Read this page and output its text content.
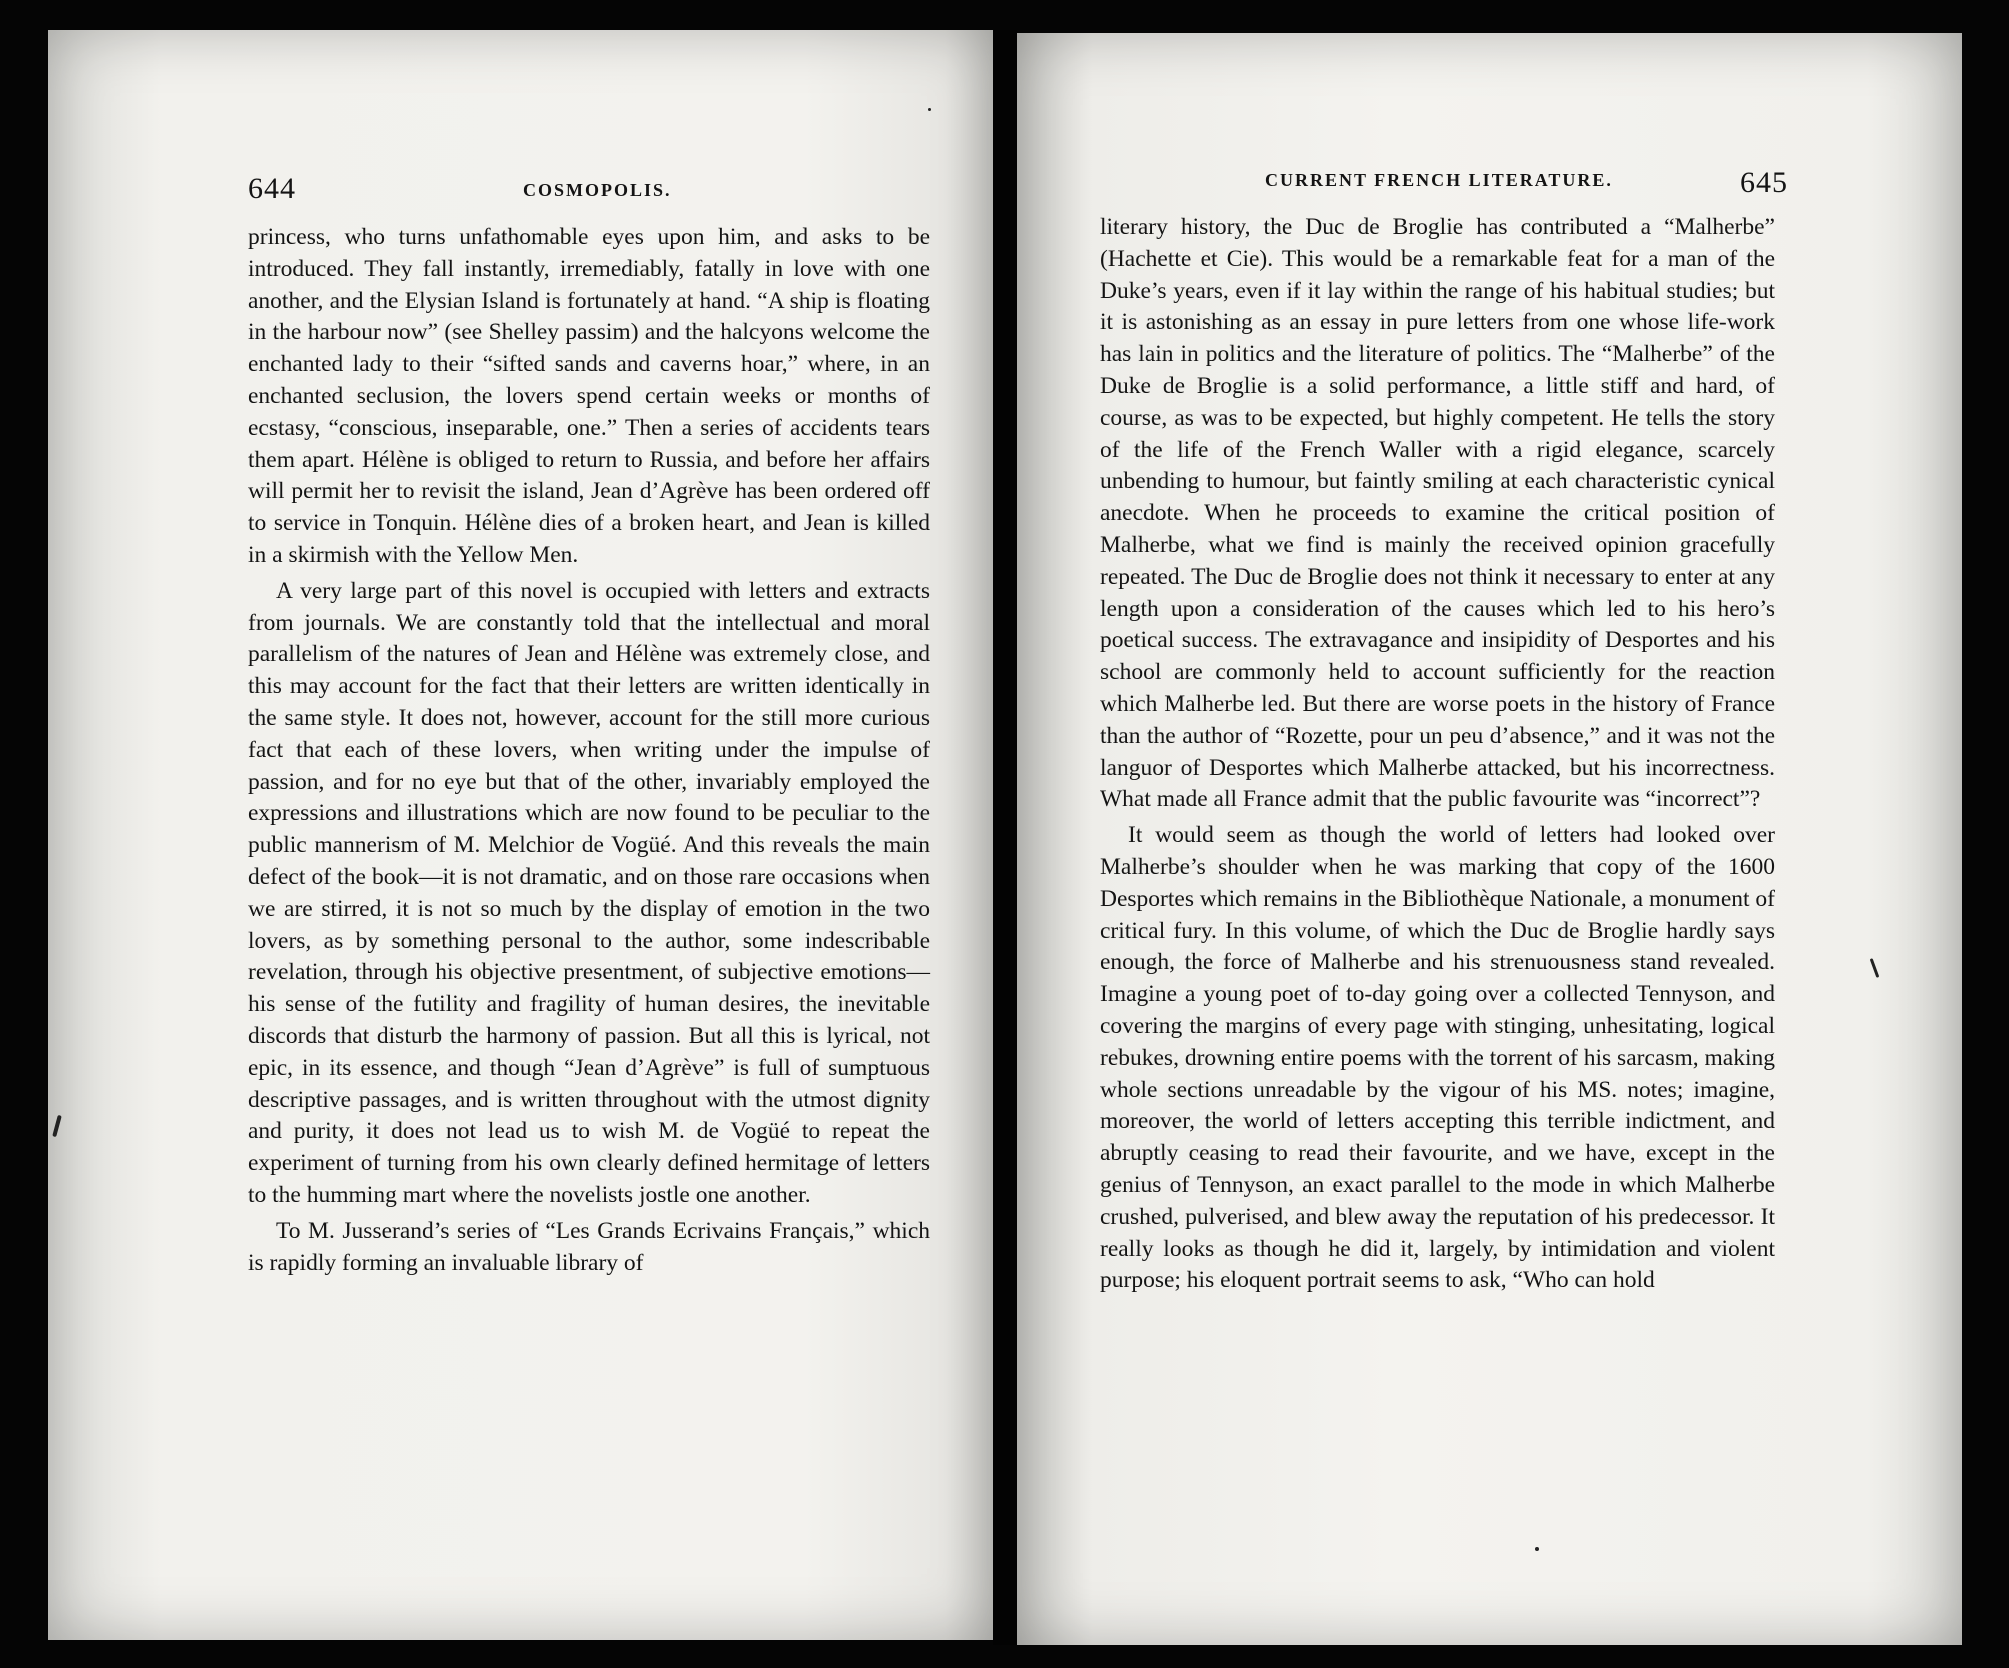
644	COSMOPOLIS.

princess, who turns unfathomable eyes upon him, and asks to be introduced. They fall instantly, irremediably, fatally in love with one another, and the Elysian Island is fortunately at hand. “A ship is floating in the harbour now” (see Shelley passim) and the halcyons welcome the enchanted lady to their “sifted sands and caverns hoar,” where, in an enchanted seclusion, the lovers spend certain weeks or months of ecstasy, “conscious, inseparable, one.” Then a series of accidents tears them apart. Hélène is obliged to return to Russia, and before her affairs will permit her to revisit the island, Jean d’Agrève has been ordered off to service in Tonquin. Hélène dies of a broken heart, and Jean is killed in a skirmish with the Yellow Men.

A very large part of this novel is occupied with letters and extracts from journals. We are constantly told that the intellectual and moral parallelism of the natures of Jean and Hélène was extremely close, and this may account for the fact that their letters are written identically in the same style. It does not, however, account for the still more curious fact that each of these lovers, when writing under the impulse of passion, and for no eye but that of the other, invariably employed the expressions and illustrations which are now found to be peculiar to the public mannerism of M. Melchior de Vogüé. And this reveals the main defect of the book—it is not dramatic, and on those rare occasions when we are stirred, it is not so much by the display of emotion in the two lovers, as by something personal to the author, some indescribable revelation, through his objective presentment, of subjective emotions—his sense of the futility and fragility of human desires, the inevitable discords that disturb the harmony of passion. But all this is lyrical, not epic, in its essence, and though “Jean d’Agrève” is full of sumptuous descriptive passages, and is written throughout with the utmost dignity and purity, it does not lead us to wish M. de Vogüé to repeat the experiment of turning from his own clearly defined hermitage of letters to the humming mart where the novelists jostle one another.

To M. Jusserand’s series of “Les Grands Ecrivains Français,” which is rapidly forming an invaluable library of

CURRENT FRENCH LITERATURE.	645

literary history, the Duc de Broglie has contributed a “Malherbe” (Hachette et Cie). This would be a remarkable feat for a man of the Duke’s years, even if it lay within the range of his habitual studies; but it is astonishing as an essay in pure letters from one whose life-work has lain in politics and the literature of politics. The “Malherbe” of the Duke de Broglie is a solid performance, a little stiff and hard, of course, as was to be expected, but highly competent. He tells the story of the life of the French Waller with a rigid elegance, scarcely unbending to humour, but faintly smiling at each characteristic cynical anecdote. When he proceeds to examine the critical position of Malherbe, what we find is mainly the received opinion gracefully repeated. The Duc de Broglie does not think it necessary to enter at any length upon a consideration of the causes which led to his hero’s poetical success. The extravagance and insipidity of Desportes and his school are commonly held to account sufficiently for the reaction which Malherbe led. But there are worse poets in the history of France than the author of “Rozette, pour un peu d’absence,” and it was not the languor of Desportes which Malherbe attacked, but his incorrectness. What made all France admit that the public favourite was “incorrect”?

It would seem as though the world of letters had looked over Malherbe’s shoulder when he was marking that copy of the 1600 Desportes which remains in the Bibliothèque Nationale, a monument of critical fury. In this volume, of which the Duc de Broglie hardly says enough, the force of Malherbe and his strenuousness stand revealed. Imagine a young poet of to-day going over a collected Tennyson, and covering the margins of every page with stinging, unhesitating, logical rebukes, drowning entire poems with the torrent of his sarcasm, making whole sections unreadable by the vigour of his MS. notes; imagine, moreover, the world of letters accepting this terrible indictment, and abruptly ceasing to read their favourite, and we have, except in the genius of Tennyson, an exact parallel to the mode in which Malherbe crushed, pulverised, and blew away the reputation of his predecessor. It really looks as though he did it, largely, by intimidation and violent purpose; his eloquent portrait seems to ask, “Who can hold
